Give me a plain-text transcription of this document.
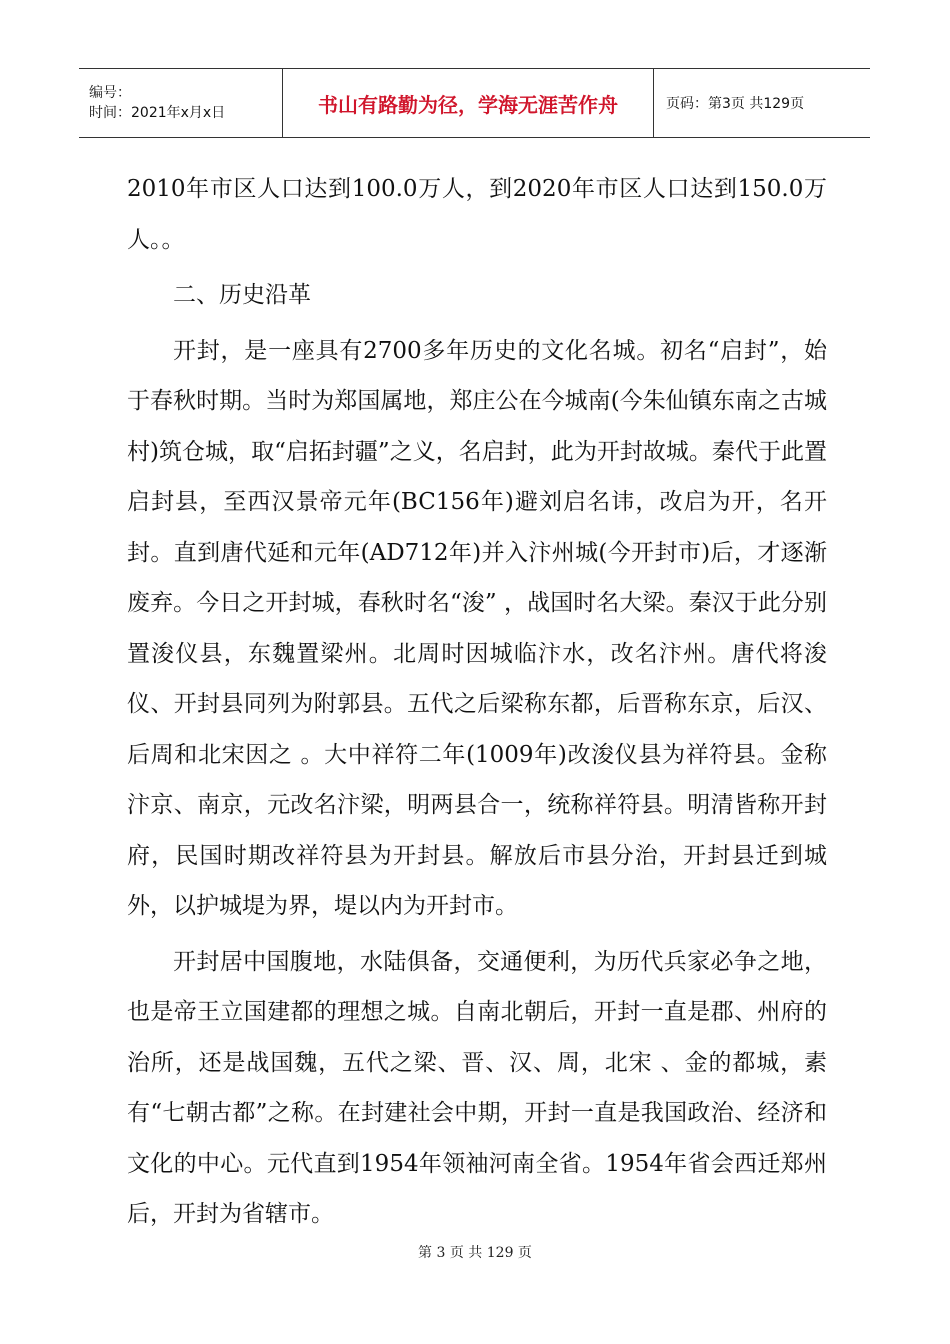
编号：
时间：2021年x月x日	书山有路勤为径，学海无涯苦作舟	页码：第3页 共129页

2010年市区人口达到100.0万人，到2020年市区人口达到150.0万人。。

二、历史沿革

开封，是一座具有2700多年历史的文化名城。初名“启封”，始于春秋时期。当时为郑国属地，郑庄公在今城南(今朱仙镇东南之古城村)筑仓城，取“启拓封疆”之义，名启封，此为开封故城。秦代于此置启封县，至西汉景帝元年(BC156年)避刘启名讳，改启为开，名开封。直到唐代延和元年(AD712年)并入汴州城(今开封市)后，才逐渐废弃。今日之开封城，春秋时名“浚” ，战国时名大梁。秦汉于此分别置浚仪县，东魏置梁州。北周时因城临汴水，改名汴州。唐代将浚仪、开封县同列为附郭县。五代之后梁称东都，后晋称东京，后汉、后周和北宋因之 。大中祥符二年(1009年)改浚仪县为祥符县。金称汴京、南京，元改名汴梁，明两县合一，统称祥符县。明清皆称开封府，民国时期改祥符县为开封县。解放后市县分治，开封县迁到城外，以护城堤为界，堤以内为开封市。

开封居中国腹地，水陆俱备，交通便利，为历代兵家必争之地，也是帝王立国建都的理想之城。自南北朝后，开封一直是郡、州府的治所，还是战国魏，五代之梁、晋、汉、周，北宋 、金的都城，素有“七朝古都”之称。在封建社会中期，开封一直是我国政治、经济和文化的中心。元代直到1954年领袖河南全省。1954年省会西迁郑州后，开封为省辖市。

第 3 页 共 129 页
